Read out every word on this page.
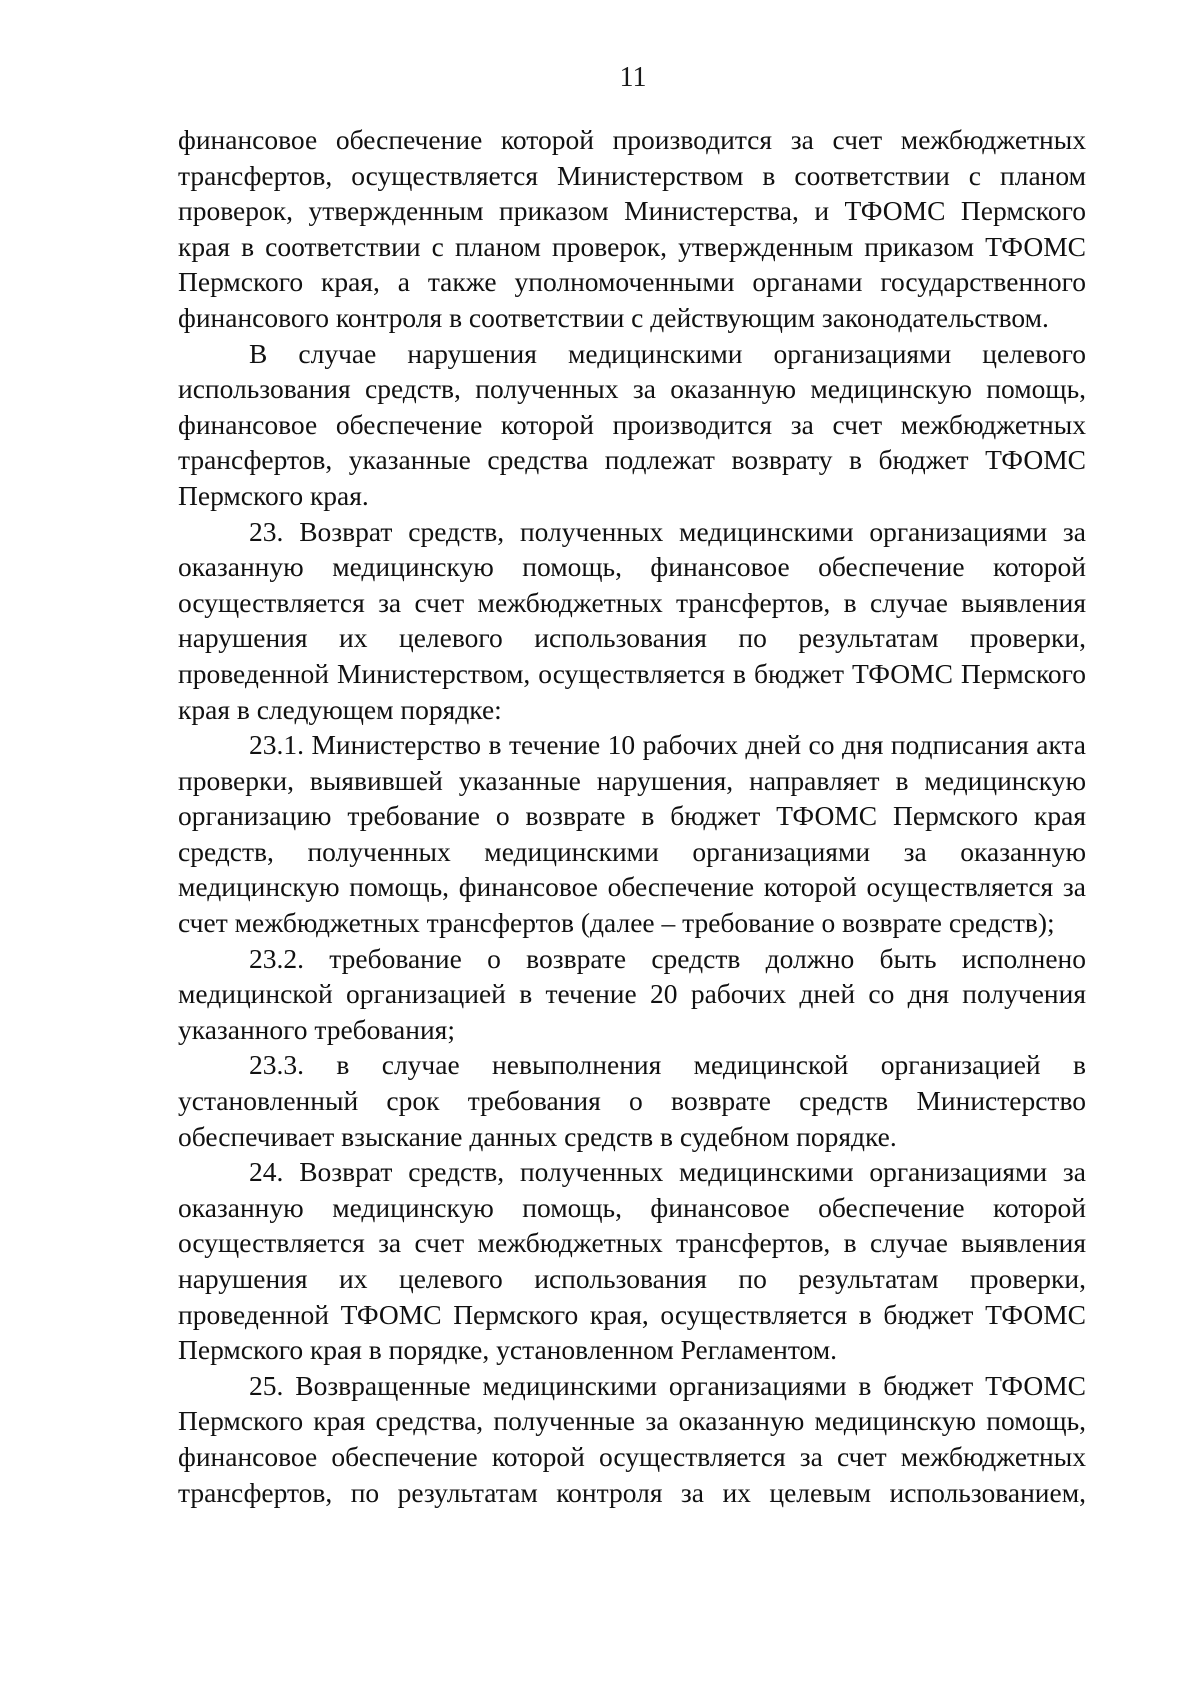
11

финансовое обеспечение которой производится за счет межбюджетных трансфертов, осуществляется Министерством в соответствии с планом проверок, утвержденным приказом Министерства, и ТФОМС Пермского края в соответствии с планом проверок, утвержденным приказом ТФОМС Пермского края, а также уполномоченными органами государственного финансового контроля в соответствии с действующим законодательством.

В случае нарушения медицинскими организациями целевого использования средств, полученных за оказанную медицинскую помощь, финансовое обеспечение которой производится за счет межбюджетных трансфертов, указанные средства подлежат возврату в бюджет ТФОМС Пермского края.

23. Возврат средств, полученных медицинскими организациями за оказанную медицинскую помощь, финансовое обеспечение которой осуществляется за счет межбюджетных трансфертов, в случае выявления нарушения их целевого использования по результатам проверки, проведенной Министерством, осуществляется в бюджет ТФОМС Пермского края в следующем порядке:

23.1. Министерство в течение 10 рабочих дней со дня подписания акта проверки, выявившей указанные нарушения, направляет в медицинскую организацию требование о возврате в бюджет ТФОМС Пермского края средств, полученных медицинскими организациями за оказанную медицинскую помощь, финансовое обеспечение которой осуществляется за счет межбюджетных трансфертов (далее – требование о возврате средств);

23.2. требование о возврате средств должно быть исполнено медицинской организацией в течение 20 рабочих дней со дня получения указанного требования;

23.3. в случае невыполнения медицинской организацией в установленный срок требования о возврате средств Министерство обеспечивает взыскание данных средств в судебном порядке.

24. Возврат средств, полученных медицинскими организациями за оказанную медицинскую помощь, финансовое обеспечение которой осуществляется за счет межбюджетных трансфертов, в случае выявления нарушения их целевого использования по результатам проверки, проведенной ТФОМС Пермского края, осуществляется в бюджет ТФОМС Пермского края в порядке, установленном Регламентом.

25. Возвращенные медицинскими организациями в бюджет ТФОМС Пермского края средства, полученные за оказанную медицинскую помощь, финансовое обеспечение которой осуществляется за счет межбюджетных трансфертов, по результатам контроля за их целевым использованием,
